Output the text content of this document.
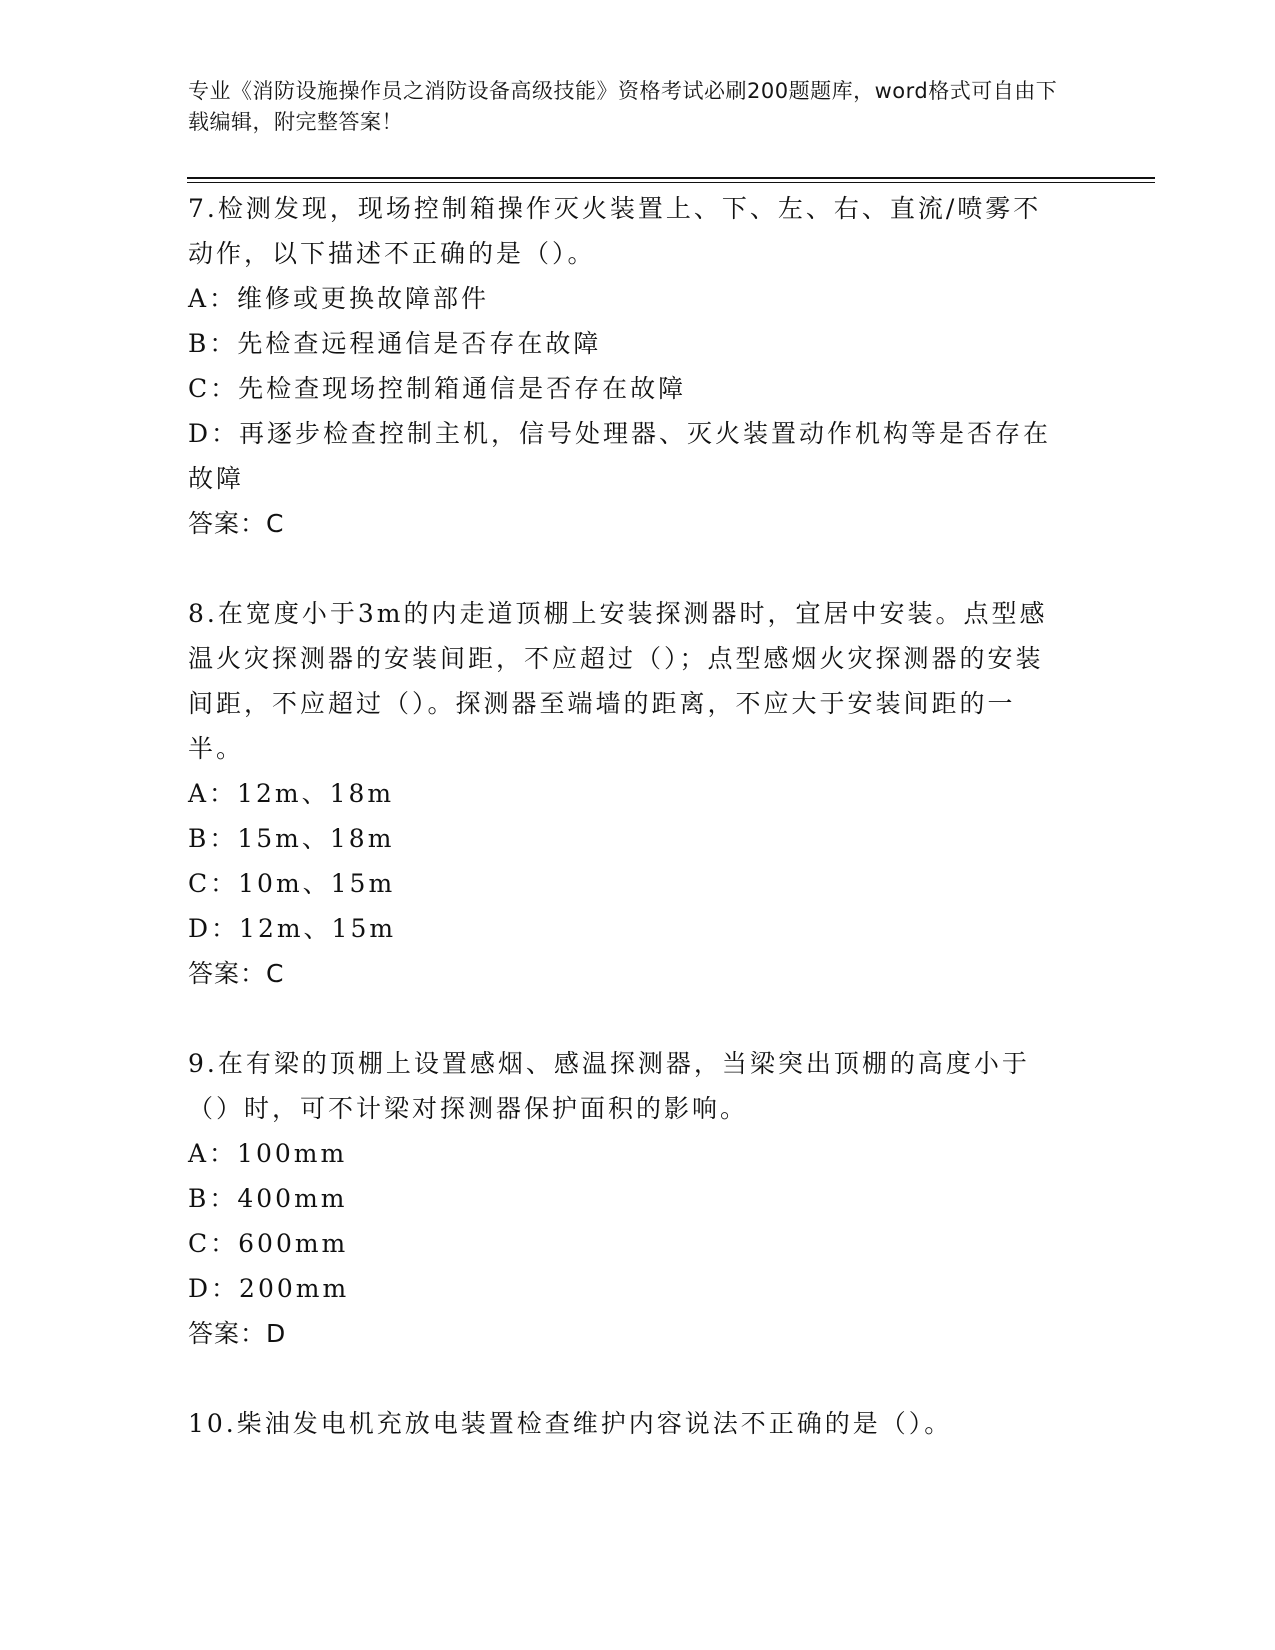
专业《消防设施操作员之消防设备高级技能》资格考试必刷200题题库，word格式可自由下载编辑，附完整答案！

7.检测发现，现场控制箱操作灭火装置上、下、左、右、直流/喷雾不动作，以下描述不正确的是（）。

A：维修或更换故障部件

B：先检查远程通信是否存在故障

C：先检查现场控制箱通信是否存在故障

D：再逐步检查控制主机，信号处理器、灭火装置动作机构等是否存在故障

答案：C

8.在宽度小于3m的内走道顶棚上安装探测器时，宜居中安装。点型感温火灾探测器的安装间距，不应超过（）；点型感烟火灾探测器的安装间距，不应超过（）。探测器至端墙的距离，不应大于安装间距的一半。

A：12m、18m

B：15m、18m

C：10m、15m

D：12m、15m

答案：C

9.在有梁的顶棚上设置感烟、感温探测器，当梁突出顶棚的高度小于（）时，可不计梁对探测器保护面积的影响。

A：100mm

B：400mm

C：600mm

D：200mm

答案：D

10.柴油发电机充放电装置检查维护内容说法不正确的是（）。
